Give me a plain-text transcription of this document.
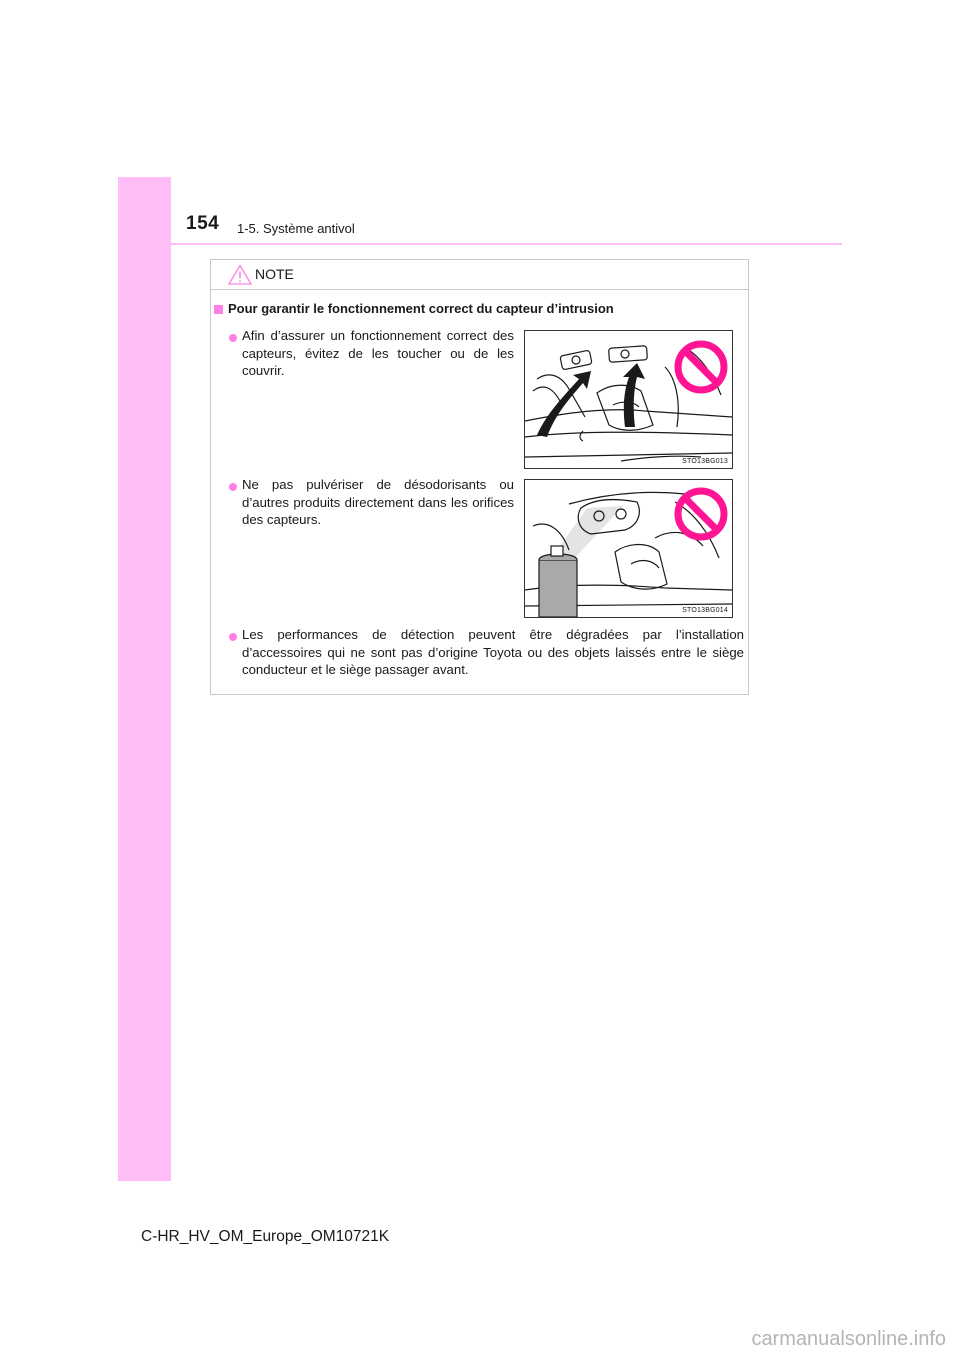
154 1-5. Système antivol
NOTE
Pour garantir le fonctionnement correct du capteur d’intrusion
Afin d’assurer un fonctionnement correct des capteurs, évitez de les toucher ou de les couvrir.
STO13BG013
Ne pas pulvériser de désodorisants ou d’autres produits directement dans les orifices des capteurs.
STO13BG014
Les performances de détection peuvent être dégradées par l’installation d’accessoires qui ne sont pas d’origine Toyota ou des objets laissés entre le siège conducteur et le siège passager avant.
C-HR_HV_OM_Europe_OM10721K
carmanualsonline.info
